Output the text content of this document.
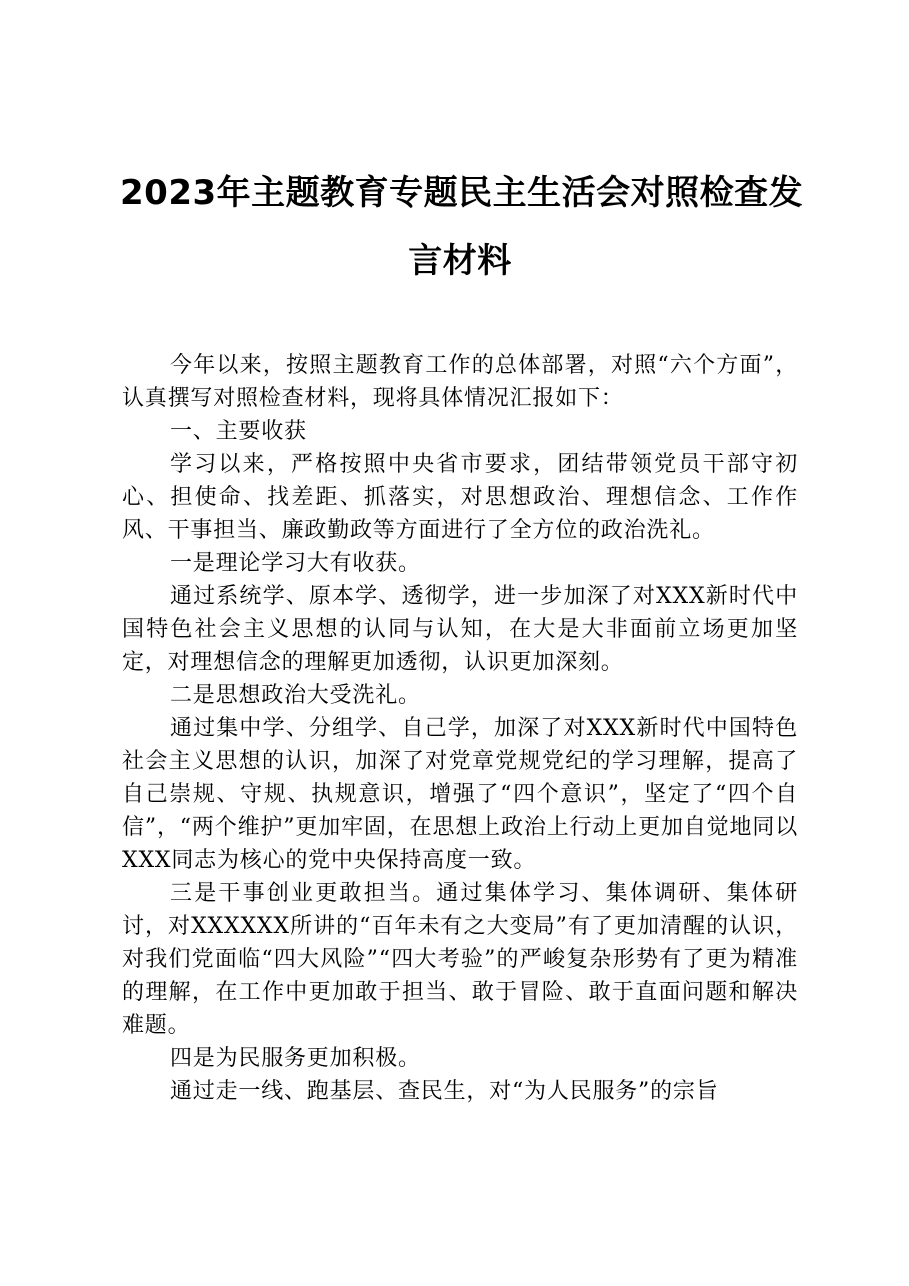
2023年主题教育专题民主生活会对照检查发
言材料

今年以来，按照主题教育工作的总体部署，对照“六个方面”，认真撰写对照检查材料，现将具体情况汇报如下：

一、主要收获

学习以来，严格按照中央省市要求，团结带领党员干部守初心、担使命、找差距、抓落实，对思想政治、理想信念、工作作风、干事担当、廉政勤政等方面进行了全方位的政治洗礼。

一是理论学习大有收获。

通过系统学、原本学、透彻学，进一步加深了对XXX新时代中国特色社会主义思想的认同与认知，在大是大非面前立场更加坚定，对理想信念的理解更加透彻，认识更加深刻。

二是思想政治大受洗礼。

通过集中学、分组学、自己学，加深了对XXX新时代中国特色社会主义思想的认识，加深了对党章党规党纪的学习理解，提高了自己崇规、守规、执规意识，增强了“四个意识”，坚定了“四个自信”，“两个维护”更加牢固，在思想上政治上行动上更加自觉地同以XXX同志为核心的党中央保持高度一致。

三是干事创业更敢担当。通过集体学习、集体调研、集体研讨，对XXXXXX所讲的“百年未有之大变局”有了更加清醒的认识，对我们党面临“四大风险”“四大考验”的严峻复杂形势有了更为精准的理解，在工作中更加敢于担当、敢于冒险、敢于直面问题和解决难题。

四是为民服务更加积极。

通过走一线、跑基层、查民生，对“为人民服务”的宗旨
